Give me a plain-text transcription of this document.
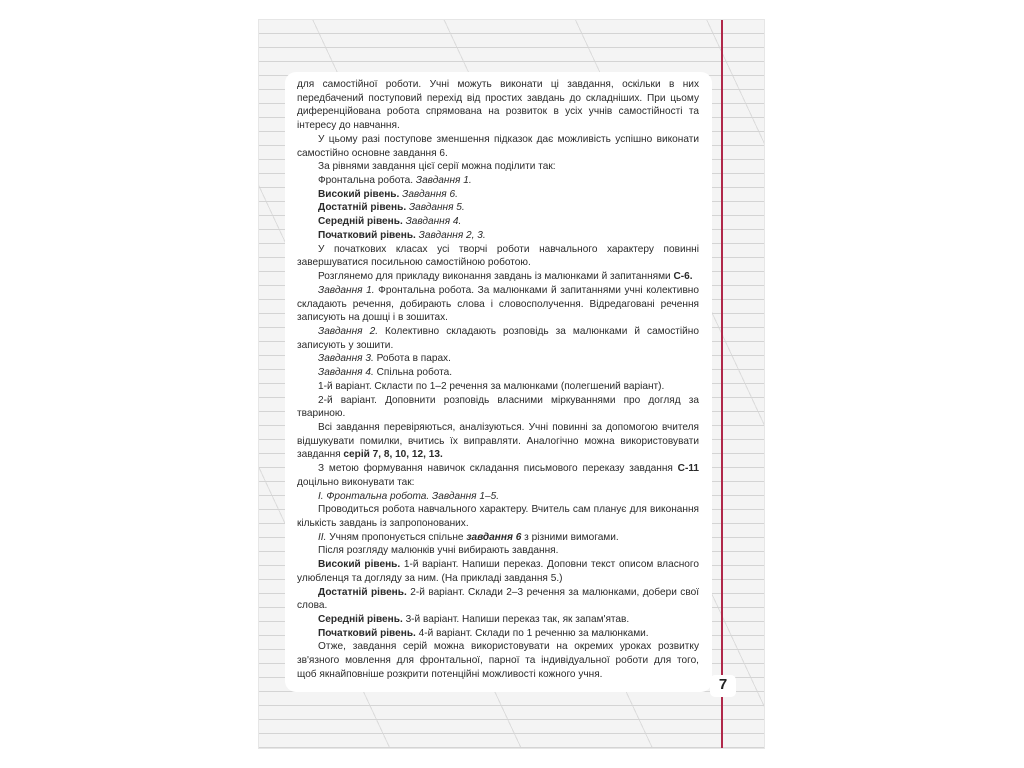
для самостійної роботи. Учні можуть виконати ці завдання, оскільки в них
передбачений поступовий перехід від простих завдань до складніших. При цьому
диференційована робота спрямована на розвиток в усіх учнів самостійності та
інтересу до навчання.
У цьому разі поступове зменшення підказок дає можливість успішно виконати
самостійно основне завдання 6.
За рівнями завдання цієї серії можна поділити так:
Фронтальна робота. Завдання 1.
Високий рівень. Завдання 6.
Достатній рівень. Завдання 5.
Середній рівень. Завдання 4.
Початковий рівень. Завдання 2, 3.
У початкових класах усі творчі роботи навчального характеру повинні
завершуватися посильною самостійною роботою.
Розглянемо для прикладу виконання завдань із малюнками й запитаннями С-6.
Завдання 1. Фронтальна робота. За малюнками й запитаннями учні колективно
складають речення, добирають слова і словосполучення. Відредаговані речення
записують на дошці і в зошитах.
Завдання 2. Колективно складають розповідь за малюнками й самостійно
записують у зошити.
Завдання 3. Робота в парах.
Завдання 4. Спільна робота.
1-й варіант. Скласти по 1–2 речення за малюнками (полегшений варіант).
2-й варіант. Доповнити розповідь власними міркуваннями про догляд за
твариною.
Всі завдання перевіряються, аналізуються. Учні повинні за допомогою вчителя
відшукувати помилки, вчитись їх виправляти. Аналогічно можна використовувати
завдання серій 7, 8, 10, 12, 13.
З метою формування навичок складання письмового переказу завдання С-11
доцільно виконувати так:
I. Фронтальна робота. Завдання 1–5.
Проводиться робота навчального характеру. Вчитель сам планує для виконання
кількість завдань із запропонованих.
II. Учням пропонується спільне завдання 6 з різними вимогами.
Після розгляду малюнків учні вибирають завдання.
Високий рівень. 1-й варіант. Напиши переказ. Доповни текст описом власного
улюбленця та догляду за ним. (На прикладі завдання 5.)
Достатній рівень. 2-й варіант. Склади 2–3 речення за малюнками, добери свої
слова.
Середній рівень. 3-й варіант. Напиши переказ так, як запам'ятав.
Початковий рівень. 4-й варіант. Склади по 1 реченню за малюнками.
Отже, завдання серій можна використовувати на окремих уроках розвитку
зв'язного мовлення для фронтальної, парної та індивідуальної роботи для того,
щоб якнайповніше розкрити потенційні можливості кожного учня.
7
